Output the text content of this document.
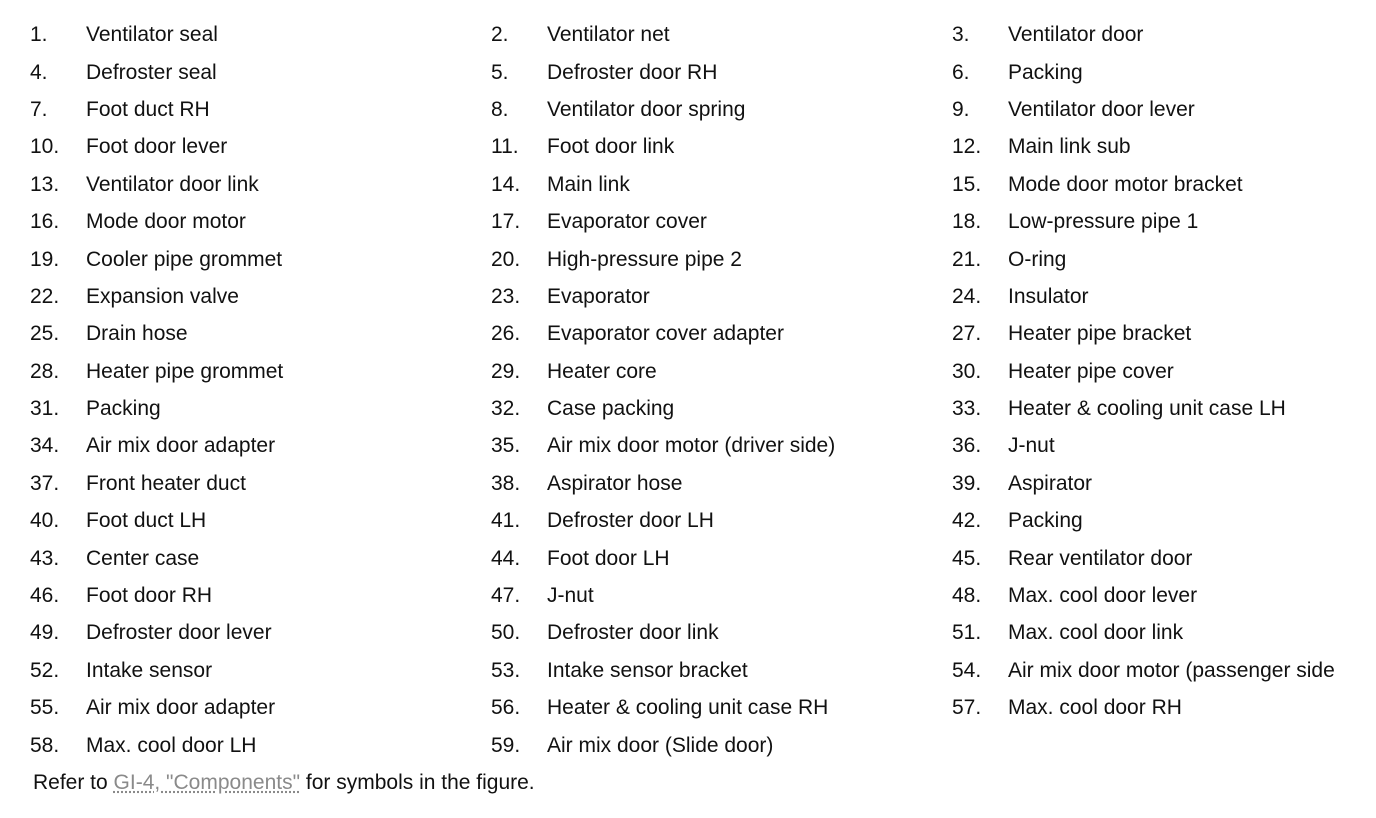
1.	Ventilator seal	2.	Ventilator net	3.	Ventilator door
4.	Defroster seal	5.	Defroster door RH	6.	Packing
7.	Foot duct RH	8.	Ventilator door spring	9.	Ventilator door lever
10.	Foot door lever	11.	Foot door link	12.	Main link sub
13.	Ventilator door link	14.	Main link	15.	Mode door motor bracket
16.	Mode door motor	17.	Evaporator cover	18.	Low-pressure pipe 1
19.	Cooler pipe grommet	20.	High-pressure pipe 2	21.	O-ring
22.	Expansion valve	23.	Evaporator	24.	Insulator
25.	Drain hose	26.	Evaporator cover adapter	27.	Heater pipe bracket
28.	Heater pipe grommet	29.	Heater core	30.	Heater pipe cover
31.	Packing	32.	Case packing	33.	Heater & cooling unit case LH
34.	Air mix door adapter	35.	Air mix door motor (driver side)	36.	J-nut
37.	Front heater duct	38.	Aspirator hose	39.	Aspirator
40.	Foot duct LH	41.	Defroster door LH	42.	Packing
43.	Center case	44.	Foot door LH	45.	Rear ventilator door
46.	Foot door RH	47.	J-nut	48.	Max. cool door lever
49.	Defroster door lever	50.	Defroster door link	51.	Max. cool door link
52.	Intake sensor	53.	Intake sensor bracket	54.	Air mix door motor (passenger side
55.	Air mix door adapter	56.	Heater & cooling unit case RH	57.	Max. cool door RH
58.	Max. cool door LH	59.	Air mix door (Slide door)
Refer to GI-4, "Components" for symbols in the figure.
